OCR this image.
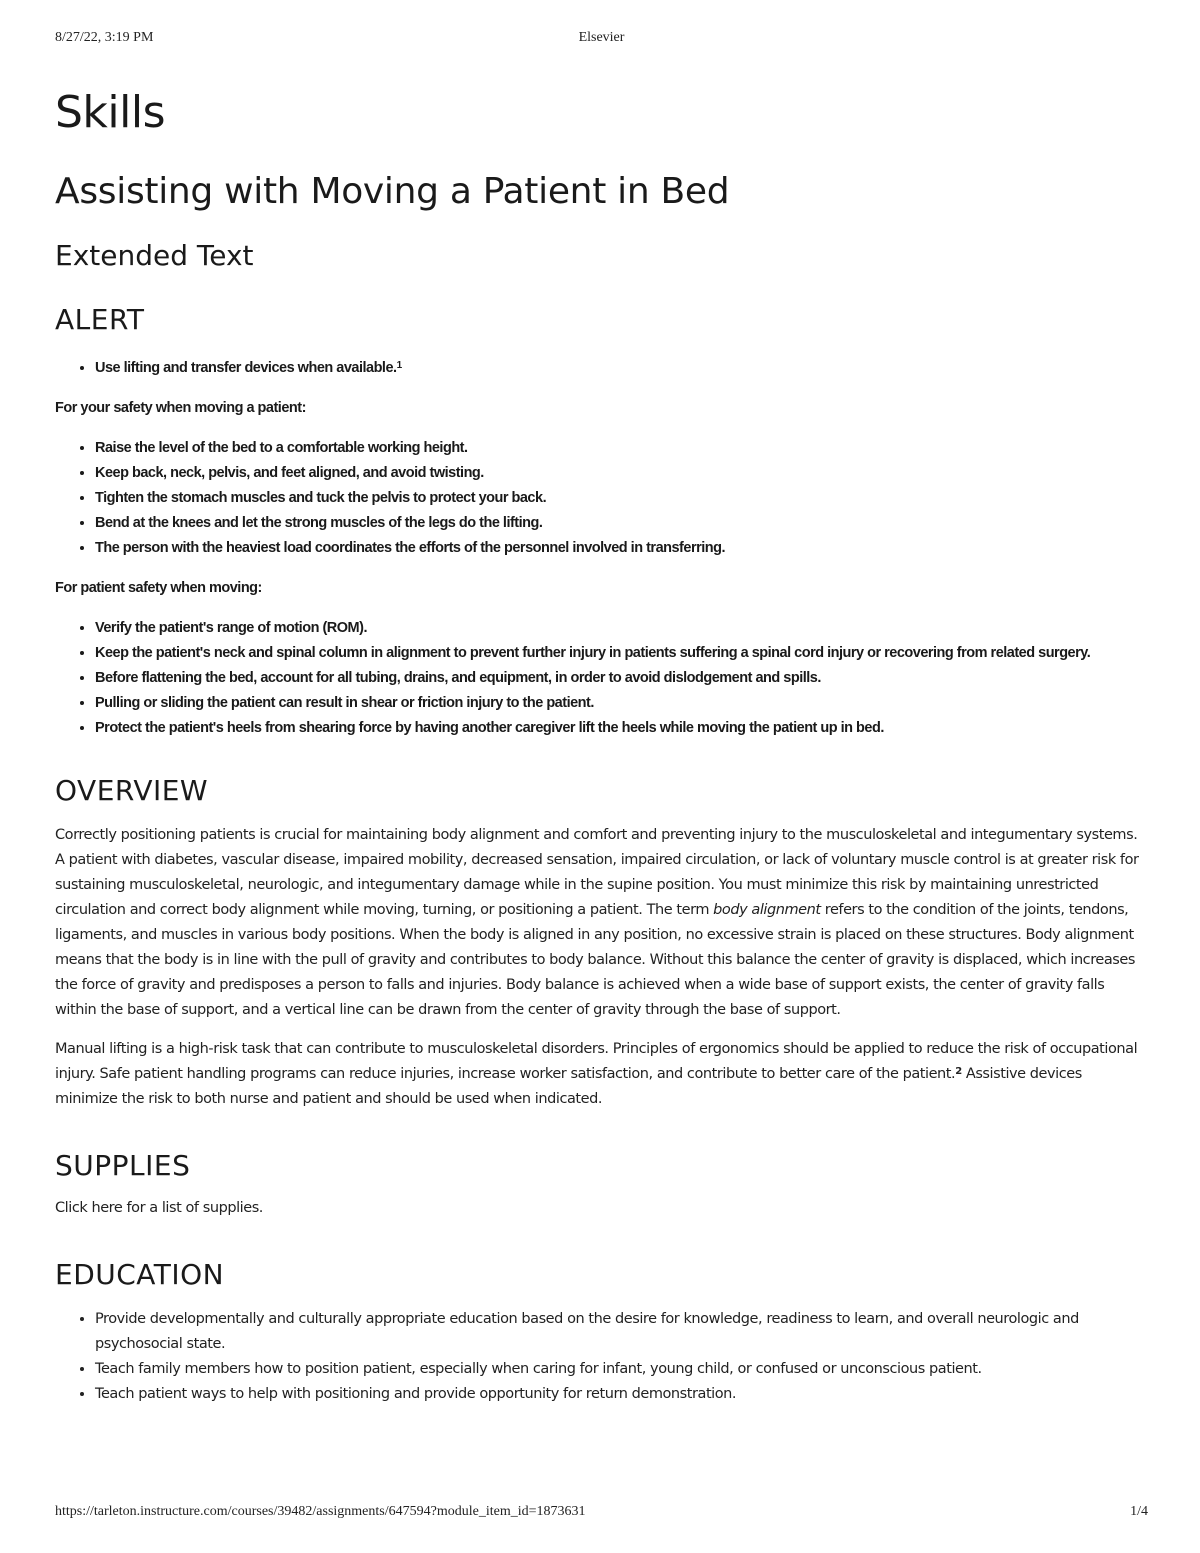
8/27/22, 3:19 PM	Elsevier
Skills
Assisting with Moving a Patient in Bed
Extended Text
ALERT
• Use lifting and transfer devices when available.$^1$

For your safety when moving a patient:

• Raise the level of the bed to a comfortable working height.
• Keep back, neck, pelvis, and feet aligned, and avoid twisting.
• Tighten the stomach muscles and tuck the pelvis to protect your back.
• Bend at the knees and let the strong muscles of the legs do the lifting.
• The person with the heaviest load coordinates the efforts of the personnel involved in transferring.

For patient safety when moving:

• Verify the patient's range of motion (ROM).
• Keep the patient's neck and spinal column in alignment to prevent further injury in patients suffering a spinal cord injury or recovering from related surgery.
• Before flattening the bed, account for all tubing, drains, and equipment, in order to avoid dislodgement and spills.
• Pulling or sliding the patient can result in shear or friction injury to the patient.
• Protect the patient's heels from shearing force by having another caregiver lift the heels while moving the patient up in bed.
OVERVIEW

Correctly positioning patients is crucial for maintaining body alignment and comfort and preventing injury to the musculoskeletal and integumentary systems. A patient with diabetes, vascular disease, impaired mobility, decreased sensation, impaired circulation, or lack of voluntary muscle control is at greater risk for sustaining musculoskeletal, neurologic, and integumentary damage while in the supine position. You must minimize this risk by maintaining unrestricted circulation and correct body alignment while moving, turning, or positioning a patient. The term body alignment refers to the condition of the joints, tendons, ligaments, and muscles in various body positions. When the body is aligned in any position, no excessive strain is placed on these structures. Body alignment means that the body is in line with the pull of gravity and contributes to body balance. Without this balance the center of gravity is displaced, which increases the force of gravity and predisposes a person to falls and injuries. Body balance is achieved when a wide base of support exists, the center of gravity falls within the base of support, and a vertical line can be drawn from the center of gravity through the base of support.

Manual lifting is a high-risk task that can contribute to musculoskeletal disorders. Principles of ergonomics should be applied to reduce the risk of occupational injury. Safe patient handling programs can reduce injuries, increase worker satisfaction, and contribute to better care of the patient.$^2$ Assistive devices minimize the risk to both nurse and patient and should be used when indicated.

SUPPLIES

Click here for a list of supplies.

EDUCATION
• Provide developmentally and culturally appropriate education based on the desire for knowledge, readiness to learn, and overall neurologic and psychosocial state.
• Teach family members how to position patient, especially when caring for infant, young child, or confused or unconscious patient.
• Teach patient ways to help with positioning and provide opportunity for return demonstration.
https://tarleton.instructure.com/courses/39482/assignments/647594?module_item_id=1873631	1/4
